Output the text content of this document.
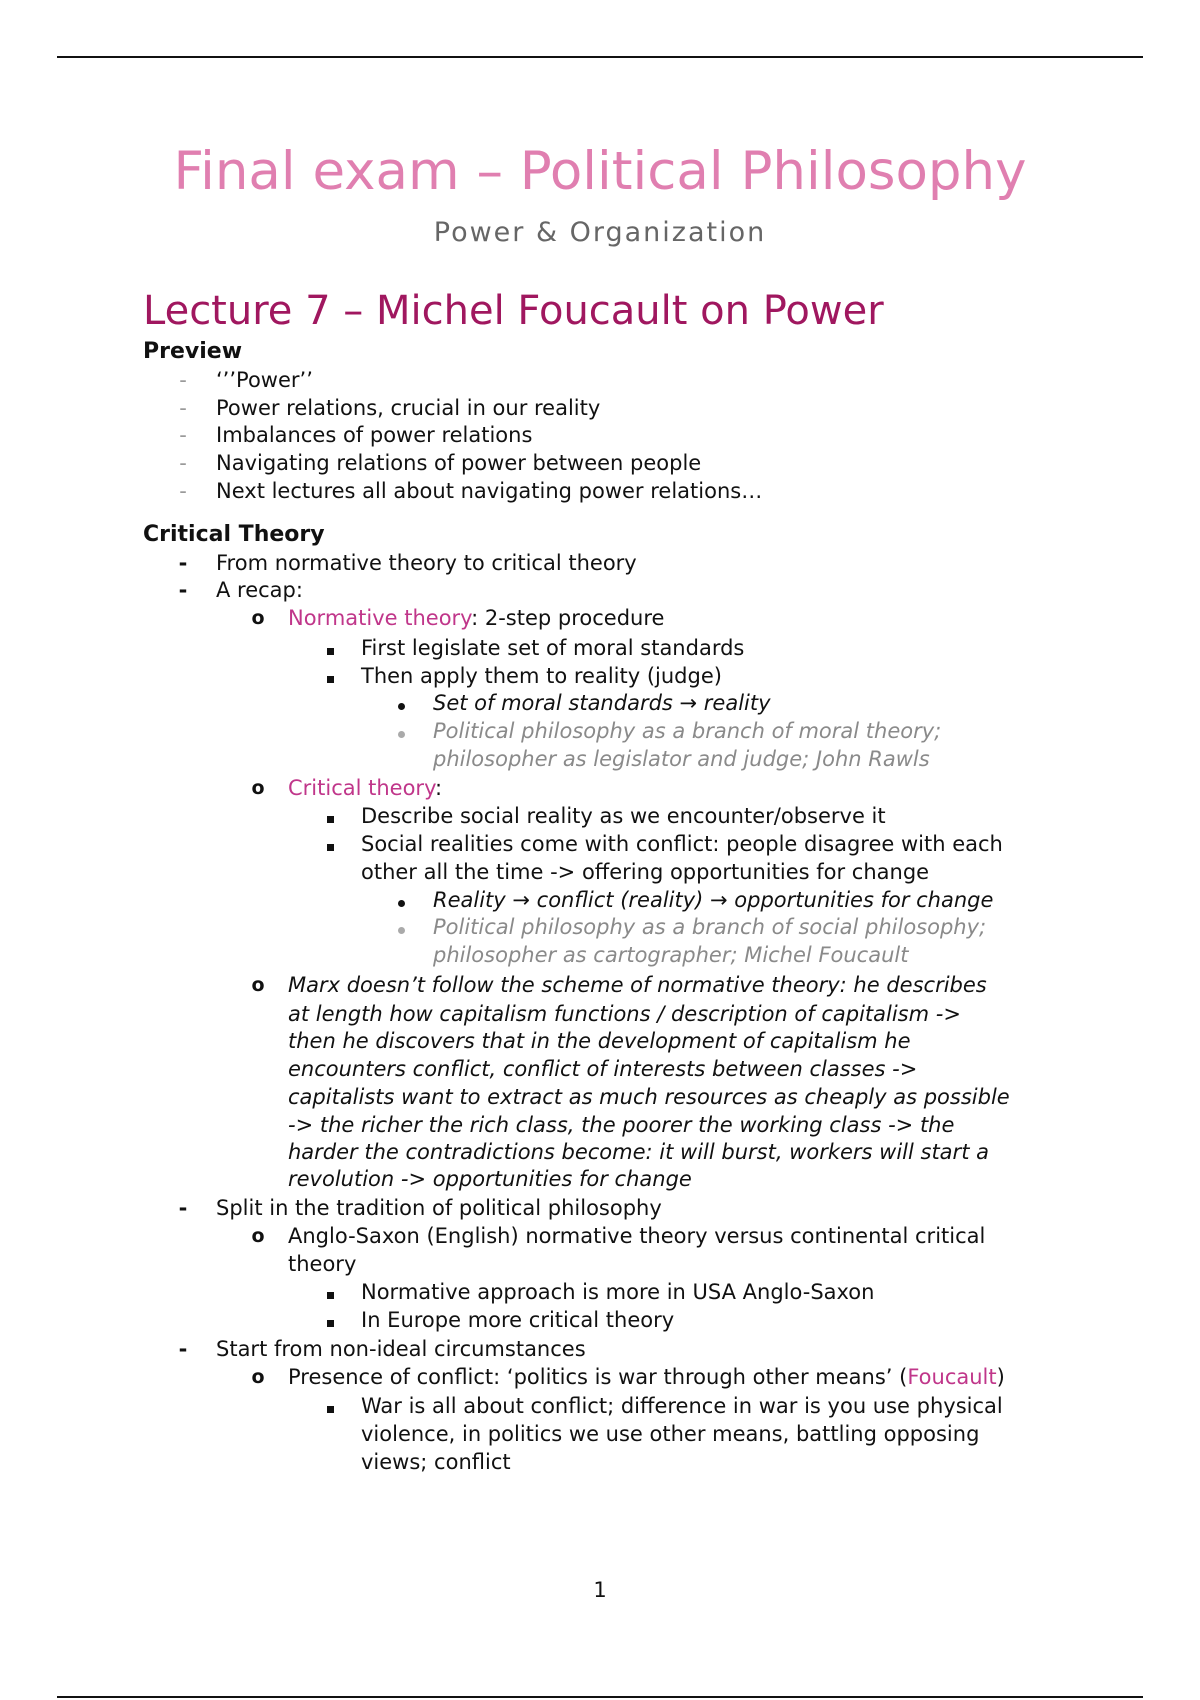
Final exam – Political Philosophy
Power & Organization
Lecture 7 – Michel Foucault on Power
Preview
- ‘’’Power’’
- Power relations, crucial in our reality
- Imbalances of power relations
- Navigating relations of power between people
- Next lectures all about navigating power relations…
Critical Theory
- From normative theory to critical theory
- A recap:
o Normative theory: 2-step procedure
First legislate set of moral standards
Then apply them to reality (judge)
Set of moral standards → reality
Political philosophy as a branch of moral theory;
philosopher as legislator and judge; John Rawls
o Critical theory:
Describe social reality as we encounter/observe it
Social realities come with conflict: people disagree with each
other all the time -> offering opportunities for change
Reality → conflict (reality) → opportunities for change
Political philosophy as a branch of social philosophy;
philosopher as cartographer; Michel Foucault
o Marx doesn’t follow the scheme of normative theory: he describes
at length how capitalism functions / description of capitalism ->
then he discovers that in the development of capitalism he
encounters conflict, conflict of interests between classes ->
capitalists want to extract as much resources as cheaply as possible
-> the richer the rich class, the poorer the working class -> the
harder the contradictions become: it will burst, workers will start a
revolution -> opportunities for change
- Split in the tradition of political philosophy
o Anglo-Saxon (English) normative theory versus continental critical
theory
Normative approach is more in USA Anglo-Saxon
In Europe more critical theory
- Start from non-ideal circumstances
o Presence of conflict: ‘politics is war through other means’ (Foucault)
War is all about conflict; difference in war is you use physical
violence, in politics we use other means, battling opposing
views; conflict
1
